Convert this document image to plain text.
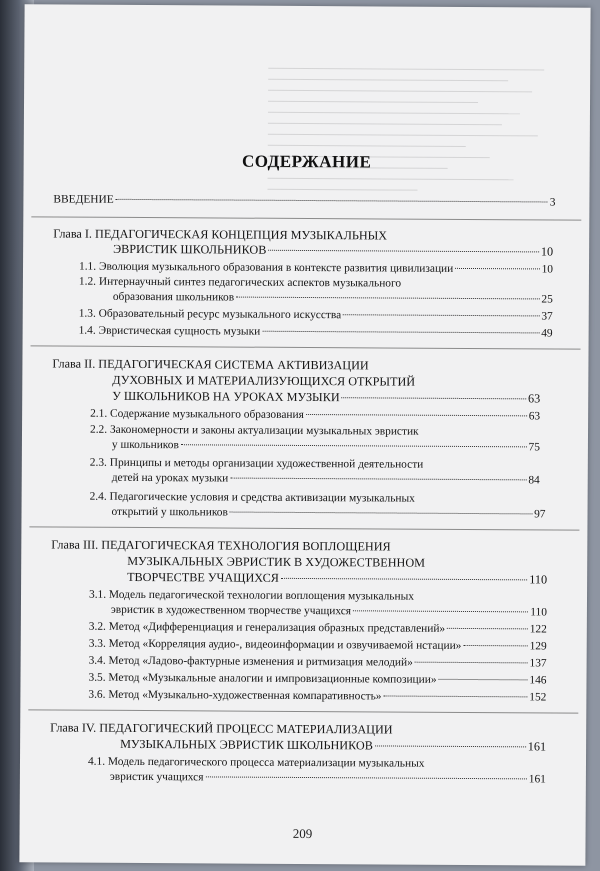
СОДЕРЖАНИЕ
ВВЕДЕНИЕ	3
Глава I. ПЕДАГОГИЧЕСКАЯ КОНЦЕПЦИЯ МУЗЫКАЛЬНЫХ
ЭВРИСТИК ШКОЛЬНИКОВ	10
1.1. Эволюция музыкального образования в контексте развития цивилизации	10
1.2. Интернаучный синтез педагогических аспектов музыкального
образования школьников	25
1.3. Образовательный ресурс музыкального искусства	37
1.4. Эвристическая сущность музыки	49
Глава II. ПЕДАГОГИЧЕСКАЯ СИСТЕМА АКТИВИЗАЦИИ
ДУХОВНЫХ И МАТЕРИАЛИЗУЮЩИХСЯ ОТКРЫТИЙ
У ШКОЛЬНИКОВ НА УРОКАХ МУЗЫКИ	63
2.1. Содержание музыкального образования	63
2.2. Закономерности и законы актуализации музыкальных эвристик
у школьников	75
2.3. Принципы и методы организации художественной деятельности
детей на уроках музыки	84
2.4. Педагогические условия и средства активизации музыкальных
открытий у школьников	97
Глава III. ПЕДАГОГИЧЕСКАЯ ТЕХНОЛОГИЯ ВОПЛОЩЕНИЯ
МУЗЫКАЛЬНЫХ ЭВРИСТИК В ХУДОЖЕСТВЕННОМ
ТВОРЧЕСТВЕ УЧАЩИХСЯ	110
3.1. Модель педагогической технологии воплощения музыкальных
эвристик в художественном творчестве учащихся	110
3.2. Метод «Дифференциация и генерализация образных представлений»	122
3.3. Метод «Корреляция аудио-, видеоинформации и озвучиваемой нстации»	129
3.4. Метод «Ладово-фактурные изменения и ритмизация мелодий»	137
3.5. Метод «Музыкальные аналогии и импровизационные композиции»	146
3.6. Метод «Музыкально-художественная компаративность»	152
Глава IV. ПЕДАГОГИЧЕСКИЙ ПРОЦЕСС МАТЕРИАЛИЗАЦИИ
МУЗЫКАЛЬНЫХ ЭВРИСТИК ШКОЛЬНИКОВ	161
4.1. Модель педагогического процесса материализации музыкальных
эвристик учащихся	161
209
